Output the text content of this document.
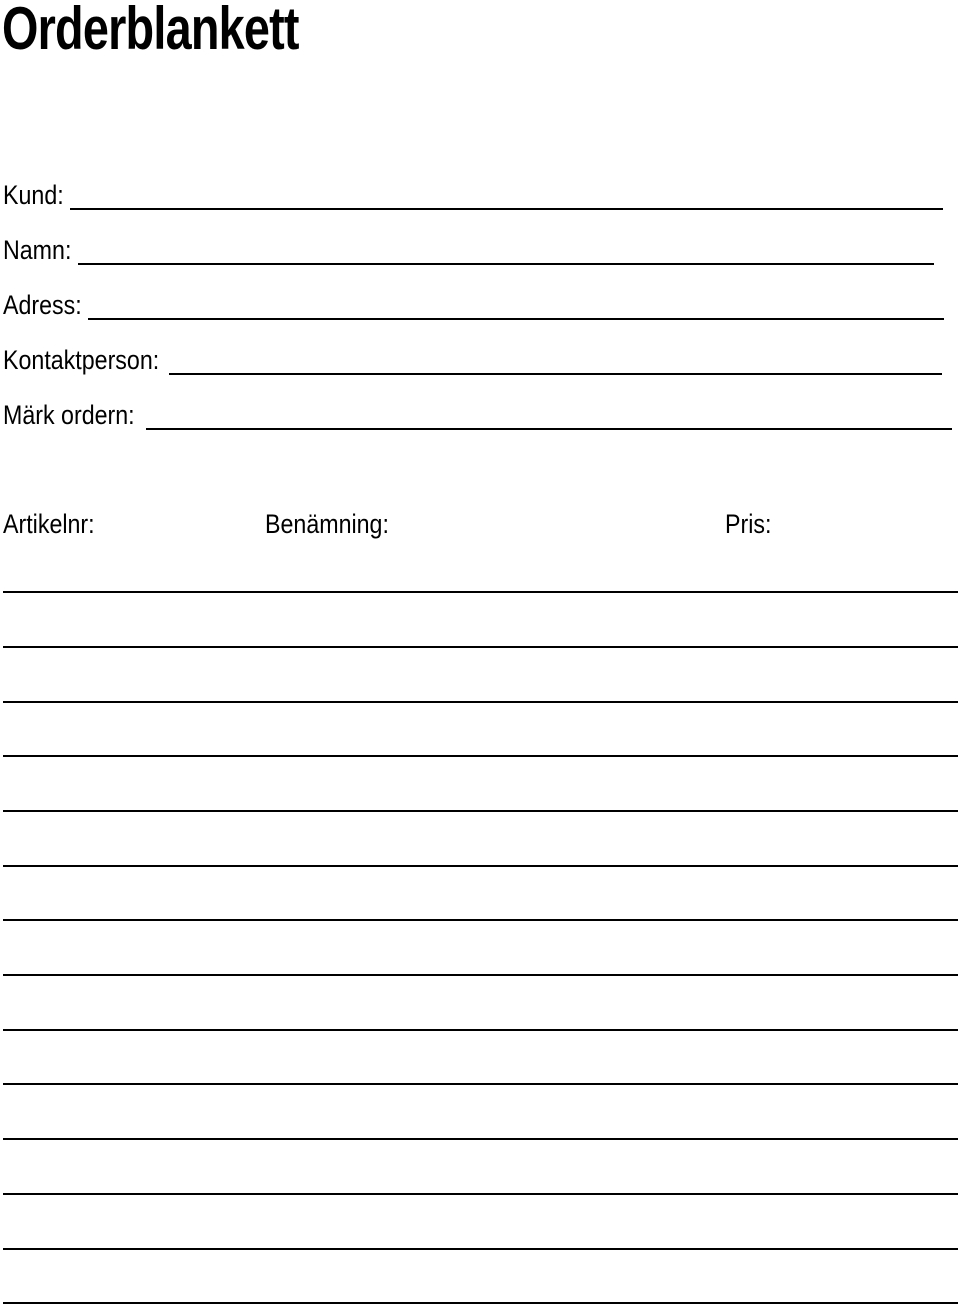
Orderblankett
Kund:
Namn:
Adress:
Kontaktperson:
Märk ordern:
Artikelnr:	Benämning:	Pris:
